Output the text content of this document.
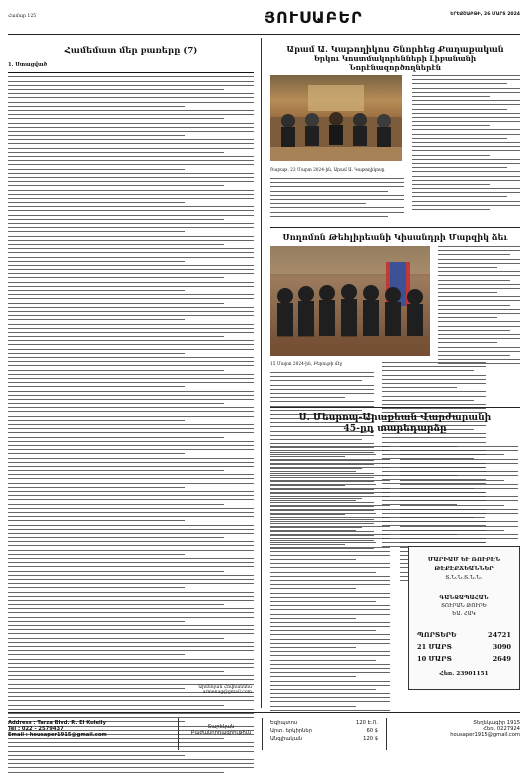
Համար 125	ՅՈՒՍԱԲԵՐ	ԵՐԵՔՇԱԲԹԻ, 26 ՄԱՐՏ 2024
Համեմատ մեր բառերը (7)
1. Ստացված
Արմենյան Հովհաննես
armenag@gmail.com
Արամ Ա. Կաթողիկոս Շնորհեց Քաղաքական
Երկու Կոստմակորենների Լիբանանի Նորէնազործողներէն
Շաբաթ, 23 Մարտ 2024-ին, Արամ Ա. Կաթողիկոսը
Սողոմոն Թեհլիրեանի Կիսանդրի Մարզիկ ձեւ
15 Մարտ 2024-ին, Բերութի մէջ
Ս. Մեսրոպ-Արաքեան Վարժարանի
45-ըդ տարեդարձը
ՄԱՐԻԱՄ ԵՒ ՌՈՒԲԷՆ
ԹԷՔԷՔՃԵԱՆՆԵՐ
Տ.Ն.Ն.Տ.Ն.Ն.
ԳԱՆՁԱՊԱՀԱՆ
ՏՈՒՐԱՆ ԹՈՒՐԵ
ԵԱ. ՀԱԿ
ՊՈՐՏԵՐԵ	24721
21 ՄԱՐՏ	3090
10 ՄԱՐՏ	2649
Հեռ. 23901151
Address : Tarza Blvd. R. El Koleily
Tel : 022 - 2579437
Email : housaper1915@gmail.com
Տարեկան
Բաժանորդագրութիւն
Եգիպտոս	120 Է.Ո.
Արտ. երկիրներ	60 $
Անգլիական	120 $
Տեղեկագիր 1915
Հեռ. 0227924
housaper1915@gmail.com
